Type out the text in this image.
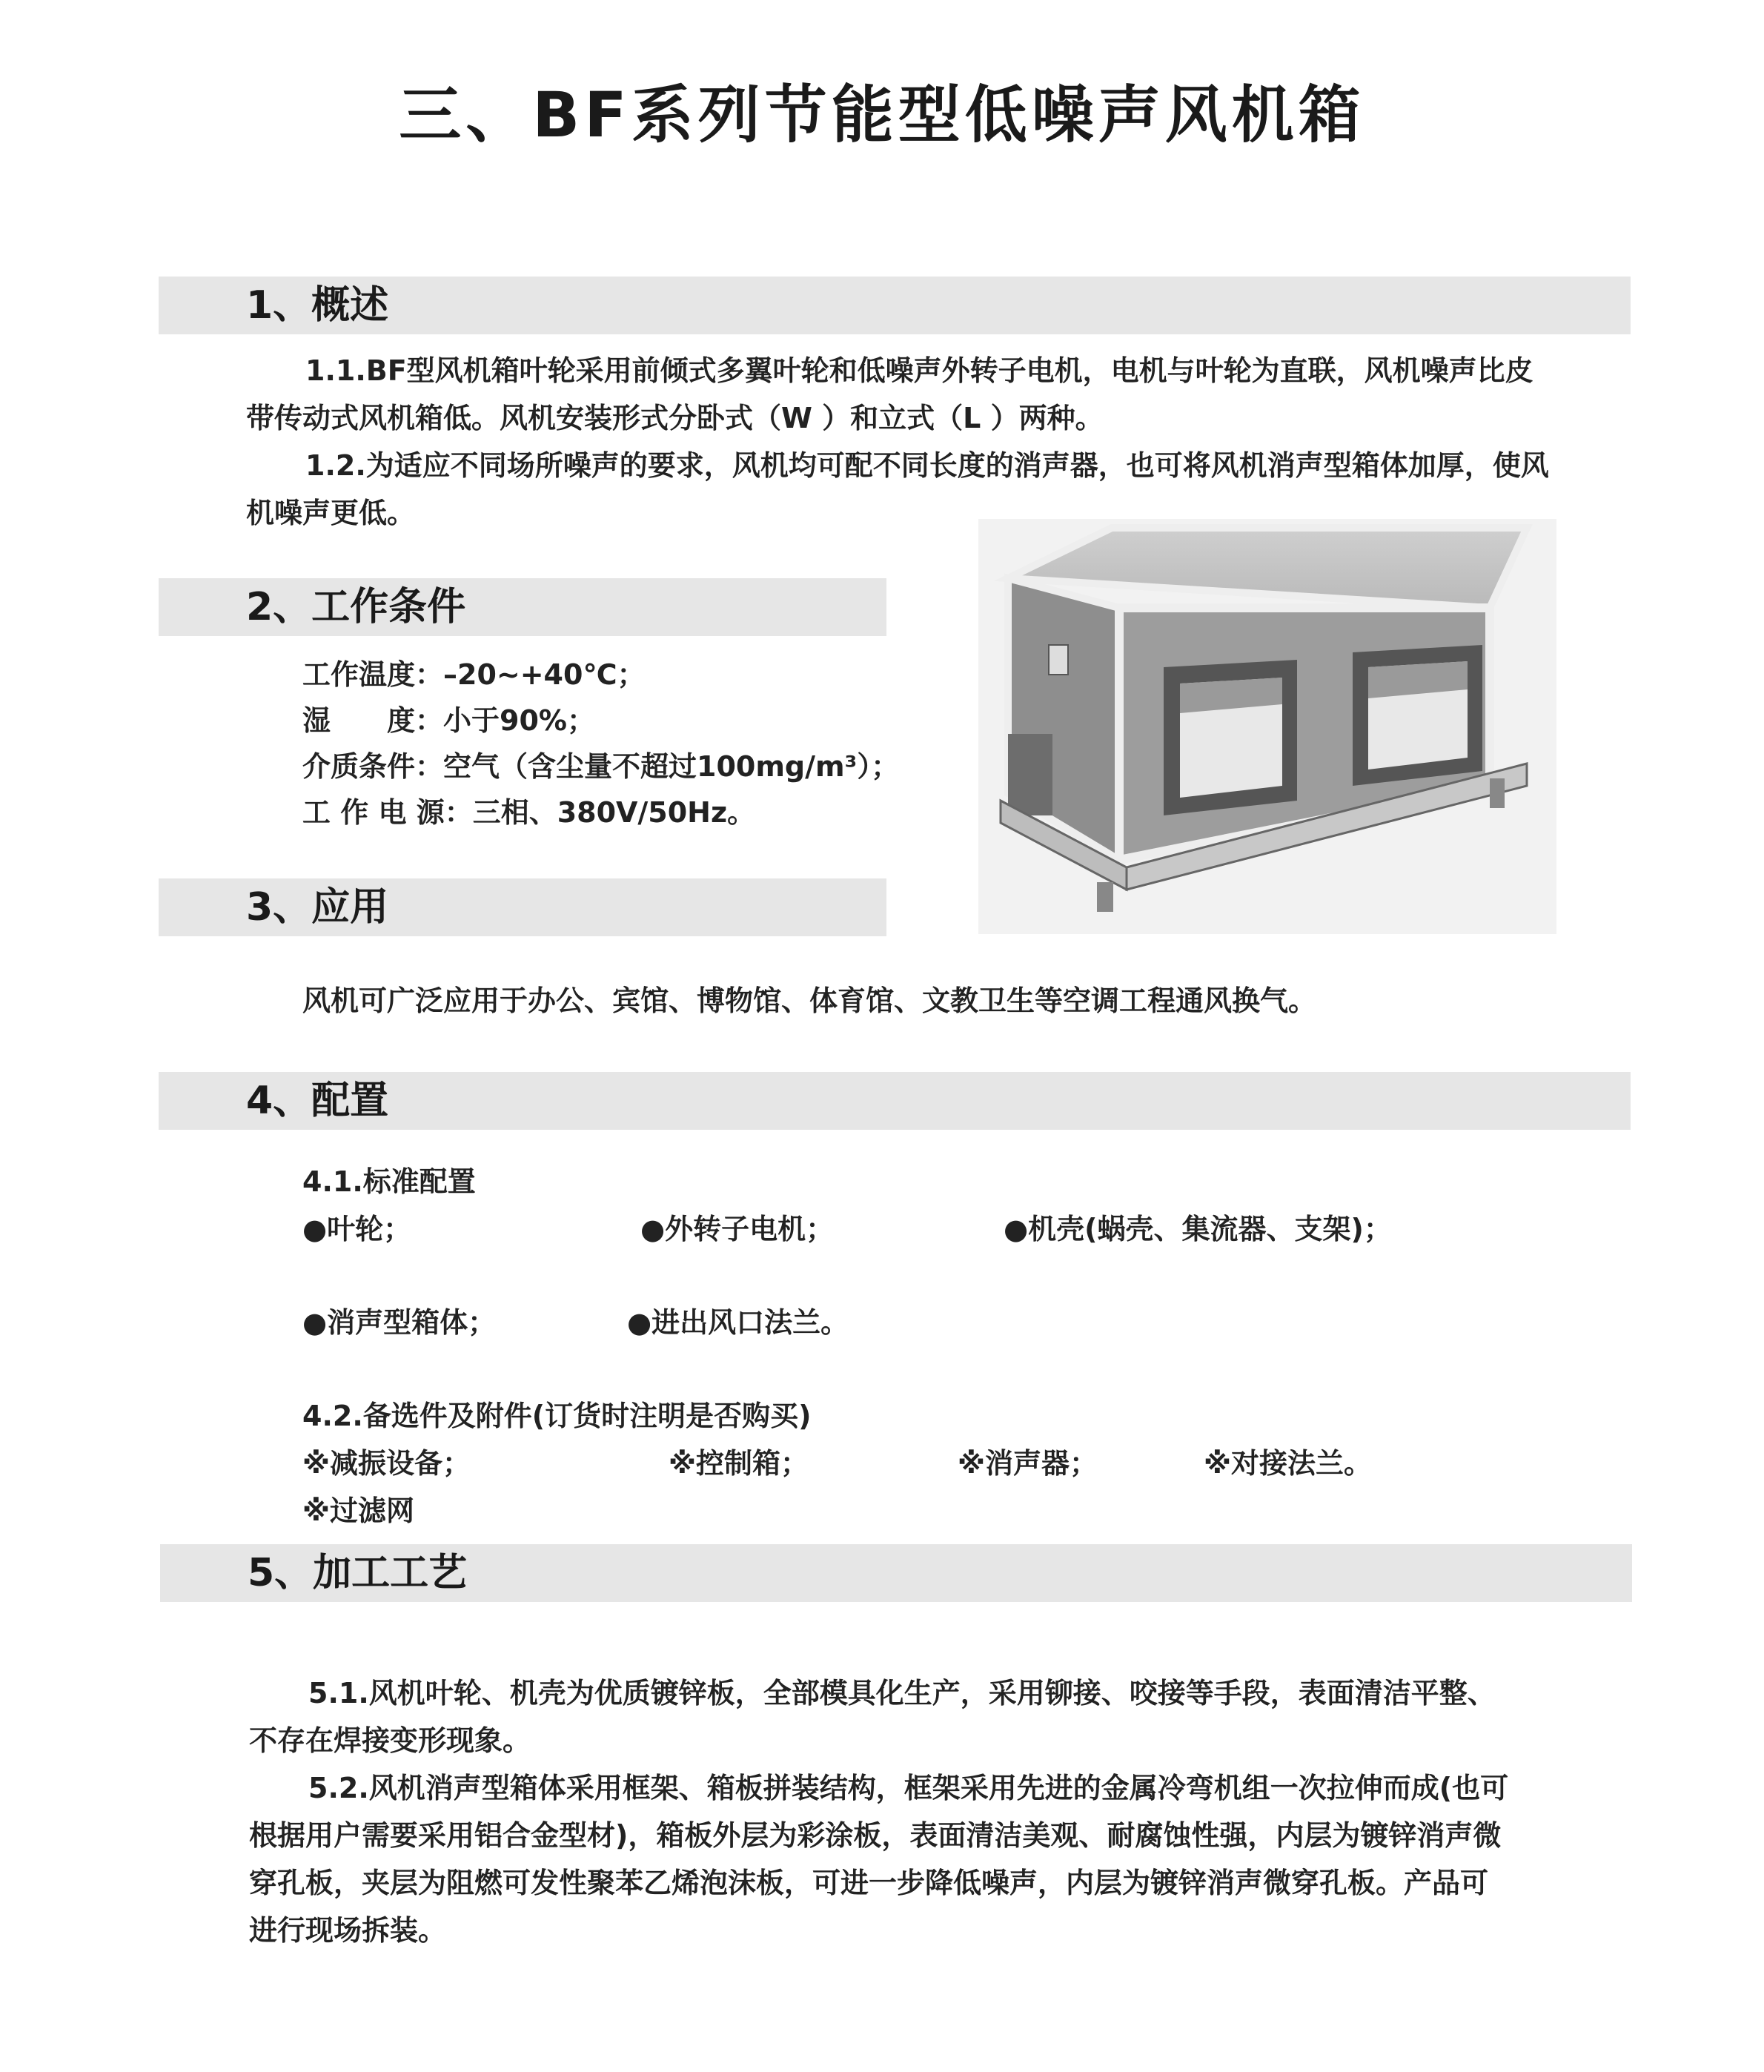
三、BF系列节能型低噪声风机箱
1、概述

1.1.BF型风机箱叶轮采用前倾式多翼叶轮和低噪声外转子电机，电机与叶轮为直联，风机噪声比皮带传动式风机箱低。风机安装形式分卧式（W ）和立式（L ）两种。

1.2.为适应不同场所噪声的要求，风机均可配不同长度的消声器，也可将风机消声型箱体加厚，使风机噪声更低。

2、工作条件
工作温度：–20~+40℃；
湿　　度：小于90%；
介质条件：空气（含尘量不超过100mg/m³）；
工 作 电 源：三相、380V/50Hz。
3、应用
风机可广泛应用于办公、宾馆、博物馆、体育馆、文教卫生等空调工程通风换气。
4、配置
4.1.标准配置
●叶轮；	●外转子电机；	●机壳(蜗壳、集流器、支架)；
●消声型箱体；	●进出风口法兰。
4.2.备选件及附件(订货时注明是否购买)
※减振设备；	※控制箱；	※消声器；	※对接法兰。
※过滤网
5、加工工艺

5.1.风机叶轮、机壳为优质镀锌板，全部模具化生产，采用铆接、咬接等手段，表面清洁平整、不存在焊接变形现象。

5.2.风机消声型箱体采用框架、箱板拼装结构，框架采用先进的金属冷弯机组一次拉伸而成(也可根据用户需要采用铝合金型材)，箱板外层为彩涂板，表面清洁美观、耐腐蚀性强，内层为镀锌消声微穿孔板，夹层为阻燃可发性聚苯乙烯泡沫板，可进一步降低噪声，内层为镀锌消声微穿孔板。产品可进行现场拆装。
